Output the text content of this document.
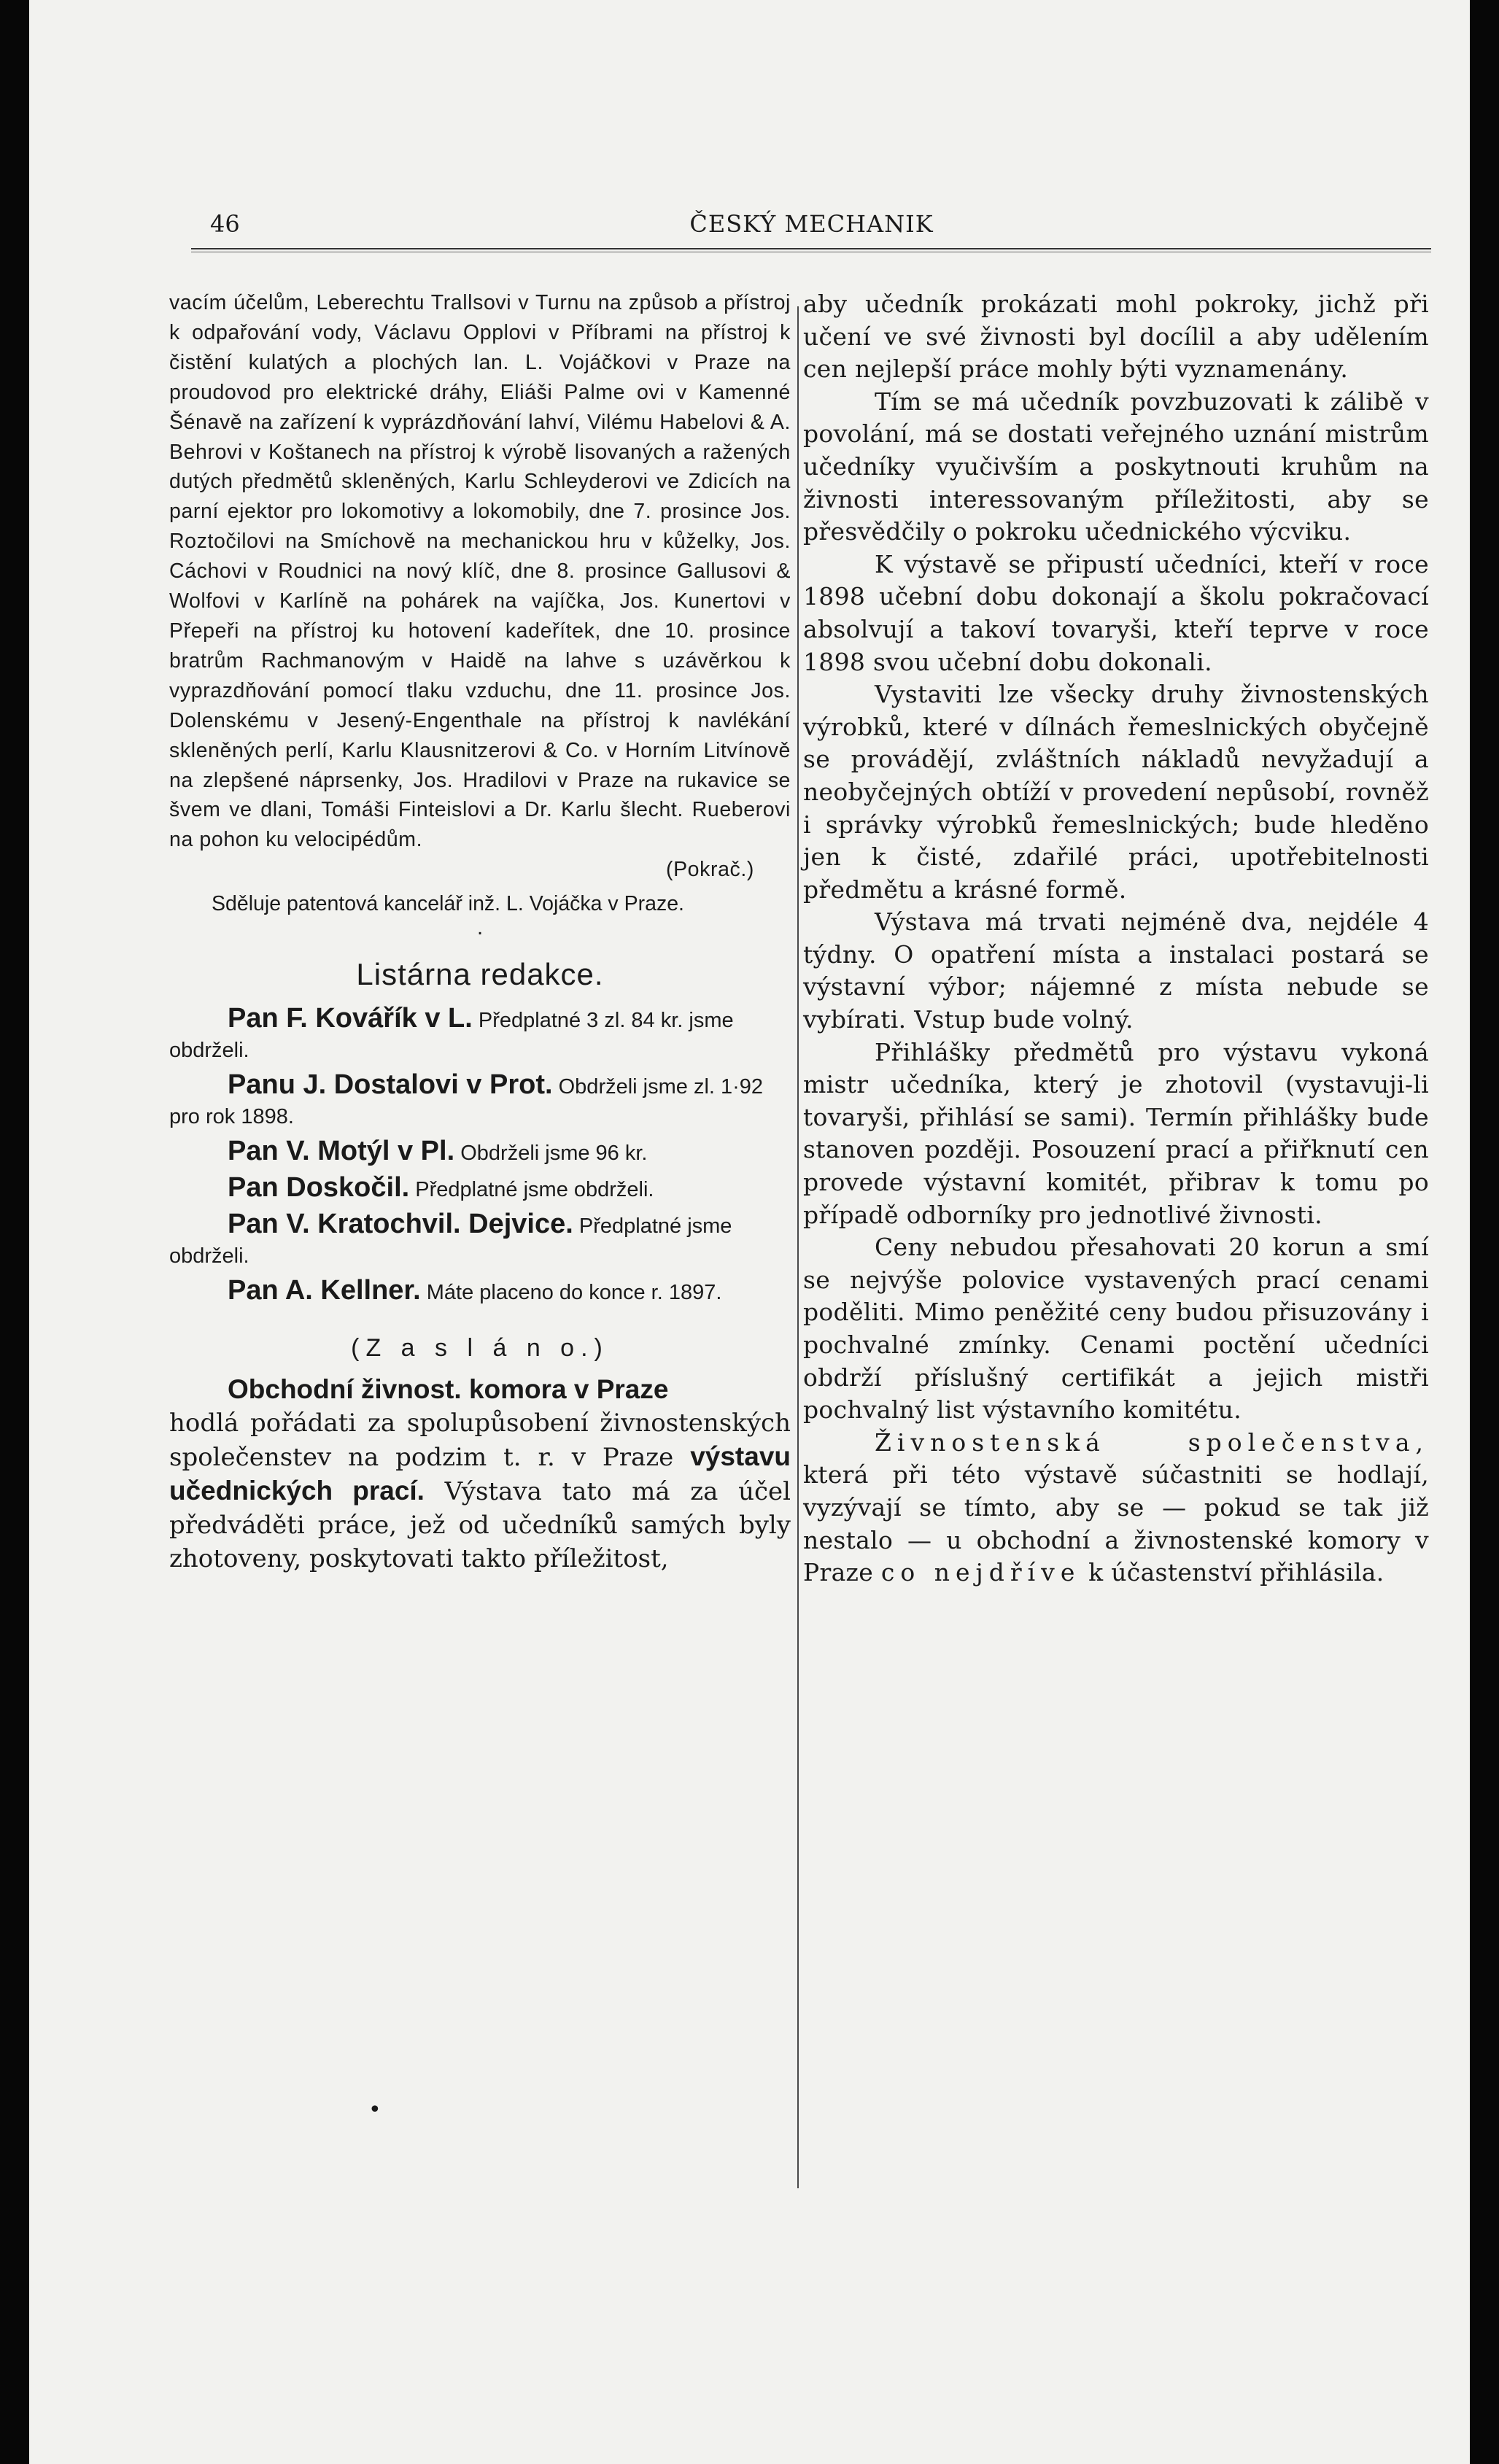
46	ČESKÝ MECHANIK

vacím účelům, Leberechtu Trallsovi v Turnu na způsob a přístroj k odpařování vody, Václavu Opplovi v Příbrami na přístroj k čistění kulatých a plochých lan. L. Vojáčkovi v Praze na proudovod pro elektrické dráhy, Eliáši Palme ovi v Kamenné Šénavě na zařízení k vyprázdňování lahví, Vilému Habelovi & A. Behrovi v Koštanech na přístroj k výrobě lisovaných a ražených dutých předmětů skleněných, Karlu Schleyderovi ve Zdicích na parní ejektor pro lokomotivy a lokomobily, dne 7. prosince Jos. Roztočilovi na Smíchově na mechanickou hru v kůželky, Jos. Cáchovi v Roudnici na nový klíč, dne 8. prosince Gallusovi & Wolfovi v Karlíně na pohárek na vajíčka, Jos. Kunertovi v Přepeři na přístroj ku hotovení kadeřítek, dne 10. prosince bratrům Rachmanovým v Haidě na lahve s uzávěrkou k vyprazdňování pomocí tlaku vzduchu, dne 11. prosince Jos. Dolenskému v Jesený-Engenthale na přístroj k navlékání skleněných perlí, Karlu Klausnitzerovi & Co. v Horním Litvínově na zlepšené náprsenky, Jos. Hradilovi v Praze na rukavice se švem ve dlani, Tomáši Finteislovi a Dr. Karlu šlecht. Rueberovi na pohon ku velocipédům.

(Pokrač.)

Sděluje patentová kancelář inž. L. Vojáčka v Praze.

.
Listárna redakce.
Pan F. Kovářík v L. Předplatné 3 zl. 84 kr. jsme obdrželi.
Panu J. Dostalovi v Prot. Obdrželi jsme zl. 1·92 pro rok 1898.
Pan V. Motýl v Pl. Obdrželi jsme 96 kr.
Pan Doskočil. Předplatné jsme obdrželi.
Pan V. Kratochvil. Dejvice. Předplatné jsme obdrželi.
Pan A. Kellner. Máte placeno do konce r. 1897.
(Z a s l á n o.)
Obchodní živnost. komora v Praze
hodlá pořádati za spolupůsobení živnostenských společenstev na podzim t. r. v Praze výstavu učednických prací. Výstava tato má za účel předváděti práce, jež od učedníků samých byly zhotoveny, poskytovati takto příležitost,

aby učedník prokázati mohl pokroky, jichž při učení ve své živnosti byl docílil a aby udělením cen nejlepší práce mohly býti vyznamenány.

Tím se má učedník povzbuzovati k zálibě v povolání, má se dostati veřejného uznání mistrům učedníky vyučivším a poskytnouti kruhům na živnosti interessovaným příležitosti, aby se přesvědčily o pokroku učednického výcviku.

K výstavě se připustí učedníci, kteří v roce 1898 učební dobu dokonají a školu pokračovací absolvují a takoví tovaryši, kteří teprve v roce 1898 svou učební dobu dokonali.

Vystaviti lze všecky druhy živnostenských výrobků, které v dílnách řemeslnických obyčejně se provádějí, zvláštních nákladů nevyžadují a neobyčejných obtíží v provedení nepůsobí, rovněž i správky výrobků řemeslnických; bude hleděno jen k čisté, zdařilé práci, upotřebitelnosti předmětu a krásné formě.

Výstava má trvati nejméně dva, nejdéle 4 týdny. O opatření místa a instalaci postará se výstavní výbor; nájemné z místa nebude se vybírati. Vstup bude volný.

Přihlášky předmětů pro výstavu vykoná mistr učedníka, který je zhotovil (vystavuji-li tovaryši, přihlásí se sami). Termín přihlášky bude stanoven později. Posouzení prací a přiřknutí cen provede výstavní komitét, přibrav k tomu po případě odborníky pro jednotlivé živnosti.

Ceny nebudou přesahovati 20 korun a smí se nejvýše polovice vystavených prací cenami poděliti. Mimo peněžité ceny budou přisuzovány i pochvalné zmínky. Cenami poctění učedníci obdrží příslušný certifikát a jejich mistři pochvalný list výstavního komitétu.

Živnostenská společenstva, která při této výstavě súčastniti se hodlají, vyzývají se tímto, aby se — pokud se tak již nestalo — u obchodní a živnostenské komory v Praze co nejdříve k účastenství přihlásila.

•
